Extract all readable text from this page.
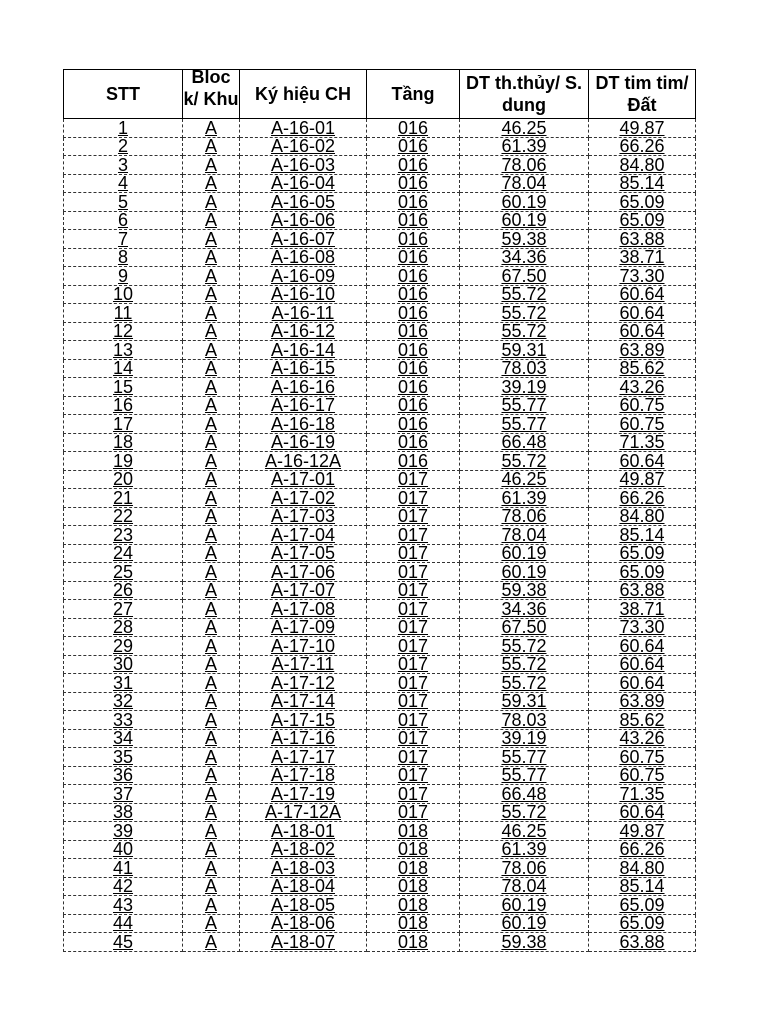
STT	Bloc k/ Khu	Ký hiệu CH	Tầng	DT th.thủy/ S. dung	DT tim tim/ Đất

1	A	A-16-01	016	46.25	49.87
2	A	A-16-02	016	61.39	66.26
3	A	A-16-03	016	78.06	84.80
4	A	A-16-04	016	78.04	85.14
5	A	A-16-05	016	60.19	65.09
6	A	A-16-06	016	60.19	65.09
7	A	A-16-07	016	59.38	63.88
8	A	A-16-08	016	34.36	38.71
9	A	A-16-09	016	67.50	73.30
10	A	A-16-10	016	55.72	60.64
11	A	A-16-11	016	55.72	60.64
12	A	A-16-12	016	55.72	60.64
13	A	A-16-14	016	59.31	63.89
14	A	A-16-15	016	78.03	85.62
15	A	A-16-16	016	39.19	43.26
16	A	A-16-17	016	55.77	60.75
17	A	A-16-18	016	55.77	60.75
18	A	A-16-19	016	66.48	71.35
19	A	A-16-12A	016	55.72	60.64
20	A	A-17-01	017	46.25	49.87
21	A	A-17-02	017	61.39	66.26
22	A	A-17-03	017	78.06	84.80
23	A	A-17-04	017	78.04	85.14
24	A	A-17-05	017	60.19	65.09
25	A	A-17-06	017	60.19	65.09
26	A	A-17-07	017	59.38	63.88
27	A	A-17-08	017	34.36	38.71
28	A	A-17-09	017	67.50	73.30
29	A	A-17-10	017	55.72	60.64
30	A	A-17-11	017	55.72	60.64
31	A	A-17-12	017	55.72	60.64
32	A	A-17-14	017	59.31	63.89
33	A	A-17-15	017	78.03	85.62
34	A	A-17-16	017	39.19	43.26
35	A	A-17-17	017	55.77	60.75
36	A	A-17-18	017	55.77	60.75
37	A	A-17-19	017	66.48	71.35
38	A	A-17-12A	017	55.72	60.64
39	A	A-18-01	018	46.25	49.87
40	A	A-18-02	018	61.39	66.26
41	A	A-18-03	018	78.06	84.80
42	A	A-18-04	018	78.04	85.14
43	A	A-18-05	018	60.19	65.09
44	A	A-18-06	018	60.19	65.09
45	A	A-18-07	018	59.38	63.88
